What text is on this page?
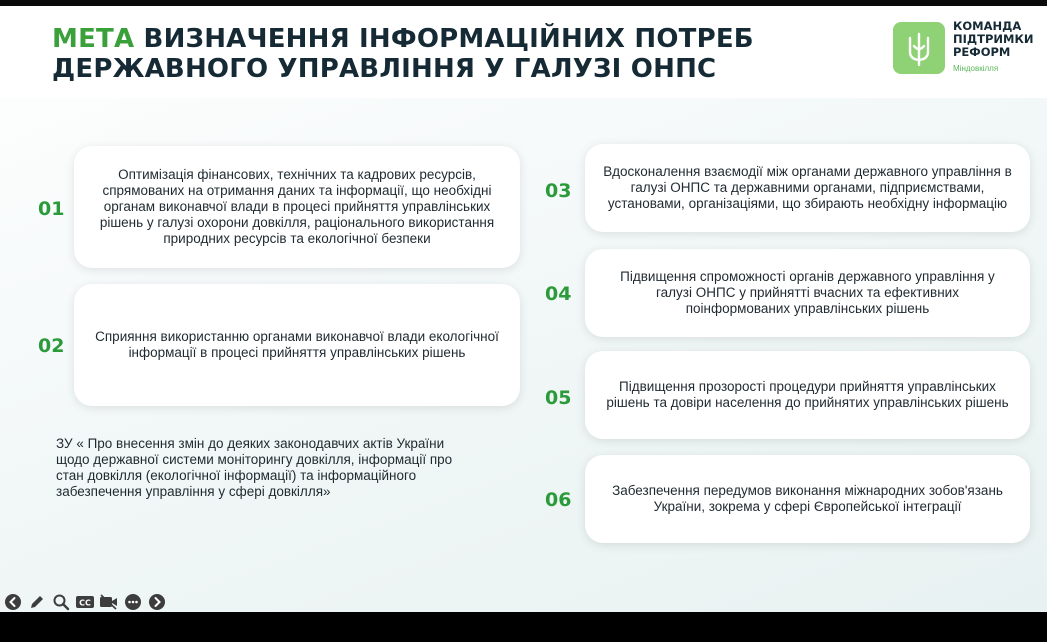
МЕТА ВИЗНАЧЕННЯ ІНФОРМАЦІЙНИХ ПОТРЕБ ДЕРЖАВНОГО УПРАВЛІННЯ У ГАЛУЗІ ОНПС
КОМАНДА
ПІДТРИМКИ
РЕФОРМ
Міндовкілля
01
Оптимізація фінансових, технічних та кадрових ресурсів, спрямованих на отримання даних та інформації, що необхідні органам виконавчої влади в процесі прийняття управлінських рішень у галузі охорони довкілля, раціонального використання природних ресурсів та екологічної безпеки
02	Сприяння використанню органами виконавчої влади екологічної інформації в процесі прийняття управлінських рішень
ЗУ « Про внесення змін до деяких законодавчих актів України щодо державної системи моніторингу довкілля, інформації про стан довкілля (екологічної інформації) та інформаційного забезпечення управління у сфері довкілля»
03
Вдосконалення взаємодії між органами державного управління в галузі ОНПС та державними органами, підприємствами, установами, організаціями, що збирають необхідну інформацію
04
Підвищення спроможності органів державного управління у галузі ОНПС у прийнятті вчасних та ефективних поінформованих управлінських рішень
05
Підвищення прозорості процедури прийняття управлінських рішень та довіри населення до прийнятих управлінських рішень
06	Забезпечення передумов виконання міжнародних зобов'язань України, зокрема у сфері Європейської інтеграції
CC
